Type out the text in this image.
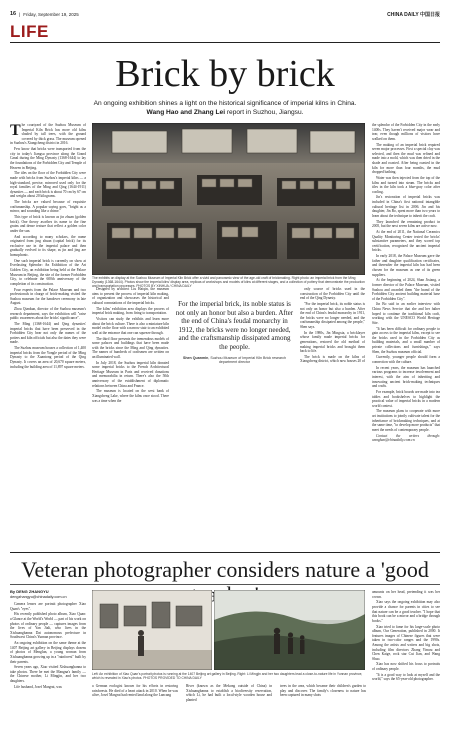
16 | Friday, September 19, 2025	CHINA DAILY 中国日报
LIFE
Brick by brick
An ongoing exhibition shines a light on the historical significance of imperial kilns in China.
Wang Hao and Zhang Lei report in Suzhou, Jiangsu.
T he courtyard of the Suzhou Museum of Imperial Kiln Brick has more old kilns shaded by tall trees, with the ground covered by thick grass. The museum opened in Suzhou's Xiangcheng district in 2016.

Few know that bricks were transported from the city in today's Jiangsu province along the Grand Canal during the Ming Dynasty (1368-1644) to lay the foundations of the Forbidden City and Temple of Heaven in Beijing.

The tiles on the floor of the Forbidden City were made with bricks from Suzhou's imperial kilns — a high-standard, precise, mirrored used only for the royal families of the Ming and Qing (1644-1911) dynasties — and each brick is about 70 cm by 67 cm and weighs about 20 kilograms.

The bricks are valued because of exquisite craftsmanship. A popular saying goes, "bright as a mirror, and sounding like a chime."

This type of brick is known as jin zhuan (golden brick). One theory ascribes its name to the fine grains and dense texture that reflect a golden color under the sun.

And according to many scholars, the name originated from jing zhuan (capital brick) for its exclusive use in the imperial palace and then gradually evolved to its shape, as jin and jing are homophonic.

One such imperial brick is currently on show at Everlasting Splendor: An Exhibition of the Art Golden City, an exhibition being held at the Palace Museum in Beijing, the site of the former Forbidden City, to celebrate the 600th anniversary of the completion of its construction.

Four experts from the Palace Museum and two professionals in charge of brick-making visited the Suzhou museum for the handover ceremony in late August.

Zhou Qiankun, director of the Suzhou museum's research department, says the exhibition will "raise public awareness about the bricks' significance".

The Ming (1368-1644) and Qing dynasties' imperial bricks that have been preserved in the Forbidden City bear not only the names of the potters and kiln officials but also the dates they were made.

The Suzhou museum houses a collection of 1,400 imperial bricks from the Yongle period of the Ming Dynasty to the Xuantong period of the Qing Dynasty. It covers an area of 20,670 square meters, including the building area of 11,897 square meters.

The exhibits on display at the Suzhou Museum of Imperial Kiln Brick offer a vivid and panoramic view of the age-old craft of brickmaking. Right photo: an imperial brick from the Ming Dynasty (1368-1644). Photos show the imperial kilns' display area, replicas of workshops and models of kilns at different stages, and a collection of pottery that demonstrate the production and transportation processes. PHOTOS BY XINHUA / CHINA DAILY

Designed by architect Liu Haiqin, the museum aims to present the process of imperial kiln making, of organization and showcases the historical and cultural connotations of the imperial bricks.

The kilns' exhibition area displays the process of imperial brick making, from firing to transportation.

Visitors can study the exhibits and learn more about the brick culture. There is also a miniature kiln model on the floor with a narrow stair to an exhibited wall at the entrance that one can squeeze through.

The third floor presents the tremendous models of some palaces and buildings that have been made with the bricks since the Ming and Qing dynasties. The names of hundreds of craftsmen are written on an illuminated wall.

In July 2018, the Suzhou imperial kiln donated some imperial bricks to the French Architectural Heritage Museum in Paris and received donations and memorabilia in return. There's also the 50th anniversary of the establishment of diplomatic relations between China and France.

The museum is located on the west bank of Xiangcheng Lake, where the kilns once stood. There was a time when the

For the imperial brick, its noble status is not only an honor but also a burden. After the end of China's feudal monarchy in 1912, the bricks were no longer needed, and the craftsmanship dissipated among the people.
Shen Quanmin, Suzhou Museum of Imperial Kiln Brick research department director

only source of bricks used in the construction of the Forbidden City until the end of the Qing Dynasty.

"For the imperial brick, its noble status is not only an honor but also a burden. After the end of China's feudal monarchy in 1911, the bricks were no longer needed, and the craftsmanship dissipated among the people," Shen says.

In the 1980s, Jin Mingxia, a bricklayer whose family made imperial bricks for generations, restored the old method of making imperial bricks and brought them back to life.

The brick is made on the kilns of Xiangcheng district, which now houses 20 of

the splendor of the Forbidden City in the early 1400s. They haven't received major wear and tear, even though millions of visitors have walked on them.

The making of an imperial brick required seven major processes. First a special clay was selected, and then the mud was refined and made into a mold, which was then dried in the shade and roasted. After being roasted in the kiln for more than four months, the mud dropped bathing.

Water was then injected from the top of the kilns and turned into steam. The bricks and tiles in the kiln took a blue-gray color after cooling.

Jin's restoration of imperial bricks was included in China's first national intangible cultural heritage list in 2006. Jin and his daughter, Jin Bo, spent more than two years to learn about the technique to inherit the craft.

They launched the remaining product in 2005, but the next seven kilns are active now.

At the end of 2011, the National Ceramics Quality Monitoring Center tested the bricks' substantive parameters, and they scored top certification, recognized the ancient imperial bricks.

In early 2018, the Palace Museum gave the father and daughter qualification certificates, and thereafter the imperial kiln has had been chosen for the museum as one of its green suppliers.

At the beginning of 2024, Shan Jixiang, a former director of the Palace Museum, visited Suzhou and awarded them "the brand of the Forbidden City ancient building material base of the Forbidden City".

Jin Bo said in an earlier interview with China News Service that she and her father hoped to continue the traditional kiln craft, working with the UNESCO World Heritage Site.

"It has been difficult for ordinary people to gain access to the imperial kilns, except to see the bricks used in the Forbidden City as building materials, and a small number of private collections and furnishings," says Shen, the Suzhou museum official.

Currently, younger people should form a connection with the culture.

In recent years, the museum has launched various programs to increase involvement and interest, with the aim of inheriting and innovating ancient brick-making techniques and crafts.

For example, brick boards are made into tea tables and bookshelves to highlight the practical value of imperial bricks in a modern world context.

The museum plans to cooperate with more art institutions to jointly cultivate talent for the inheritance of brickmaking techniques, and at the same time, "to develop more products" that meet the needs of contemporary people.

Contact the writers through: wanghao@chinadaily.com.cn

Veteran photographer considers nature a 'good
By DENG ZHANGYU
dengzhangyu@chinadaily.com.cn

Camera lenses are portrait photographer Xiao Quan's "eyes".

His recently published photo album, Xiao Quan: a Glance at the World's World — part of his work on photos of ordinary people — captures images from the lives of Yan Jiali, who lives in the Xishuangbanna Dai autonomous prefecture in Southwest China's Yunnan province.

An ongoing exhibition on the same theme at the 1407 Beijing art gallery in Beijing displays dozens of photos of Menglun, a young woman from Xishuangbanna growing up in a "rainforest" built by their parents.

Seven years ago, Xiao visited Xishuangbanna to take photos. There he met the Mangna's family — the Chinese mother, Li Mingjin, and her two daughters.

Life husband, Josef Margrat, was

Left: An exhibition of Xiao Quan's portrait photos is running at the 1407 Beijing art gallery in Beijing. Right: Li Mingjin and her two daughters lead a close-to-nature life in Yunnan province, which is revealed in Xiao's photos. PHOTOS PROVIDED TO CHINA DAILY

a German ecologist known for his efforts in restoring rainforests. He died of a heart attack in 2010. When he was alive, Josef Margrat had rented land along the Lancang

River (known as the Mekong outside of China) in Xishuangbanna to establish a biodiversity reservation, which Li, he had built a local-style wooden house and planted

trees in the area, which became their children's garden to play and discover. The family's closeness to nature has been captured in many shots

amounts on her head, pretending it was her crown.

Xiao says the ongoing exhibition may also provide a chance for parents in cities to see that nature can be a good teacher. "I hope that this book can be a mirror and a bridge through books."

Xiao tried to fame for his large-scale photo album, Our Generation, published in 2000. It features images of Chinese figures that were taken in two-color ranges and the 1990s. Among the artists and writers and big shots, including film directors Zhang Yimou and Chen Kaige, rock star Cui Jian, and Wang Shuo.

Xiao has now shifted his focus to portraits of ordinary people.

"It is a good way to look at myself and the world," says the 65-year-old photographer.
